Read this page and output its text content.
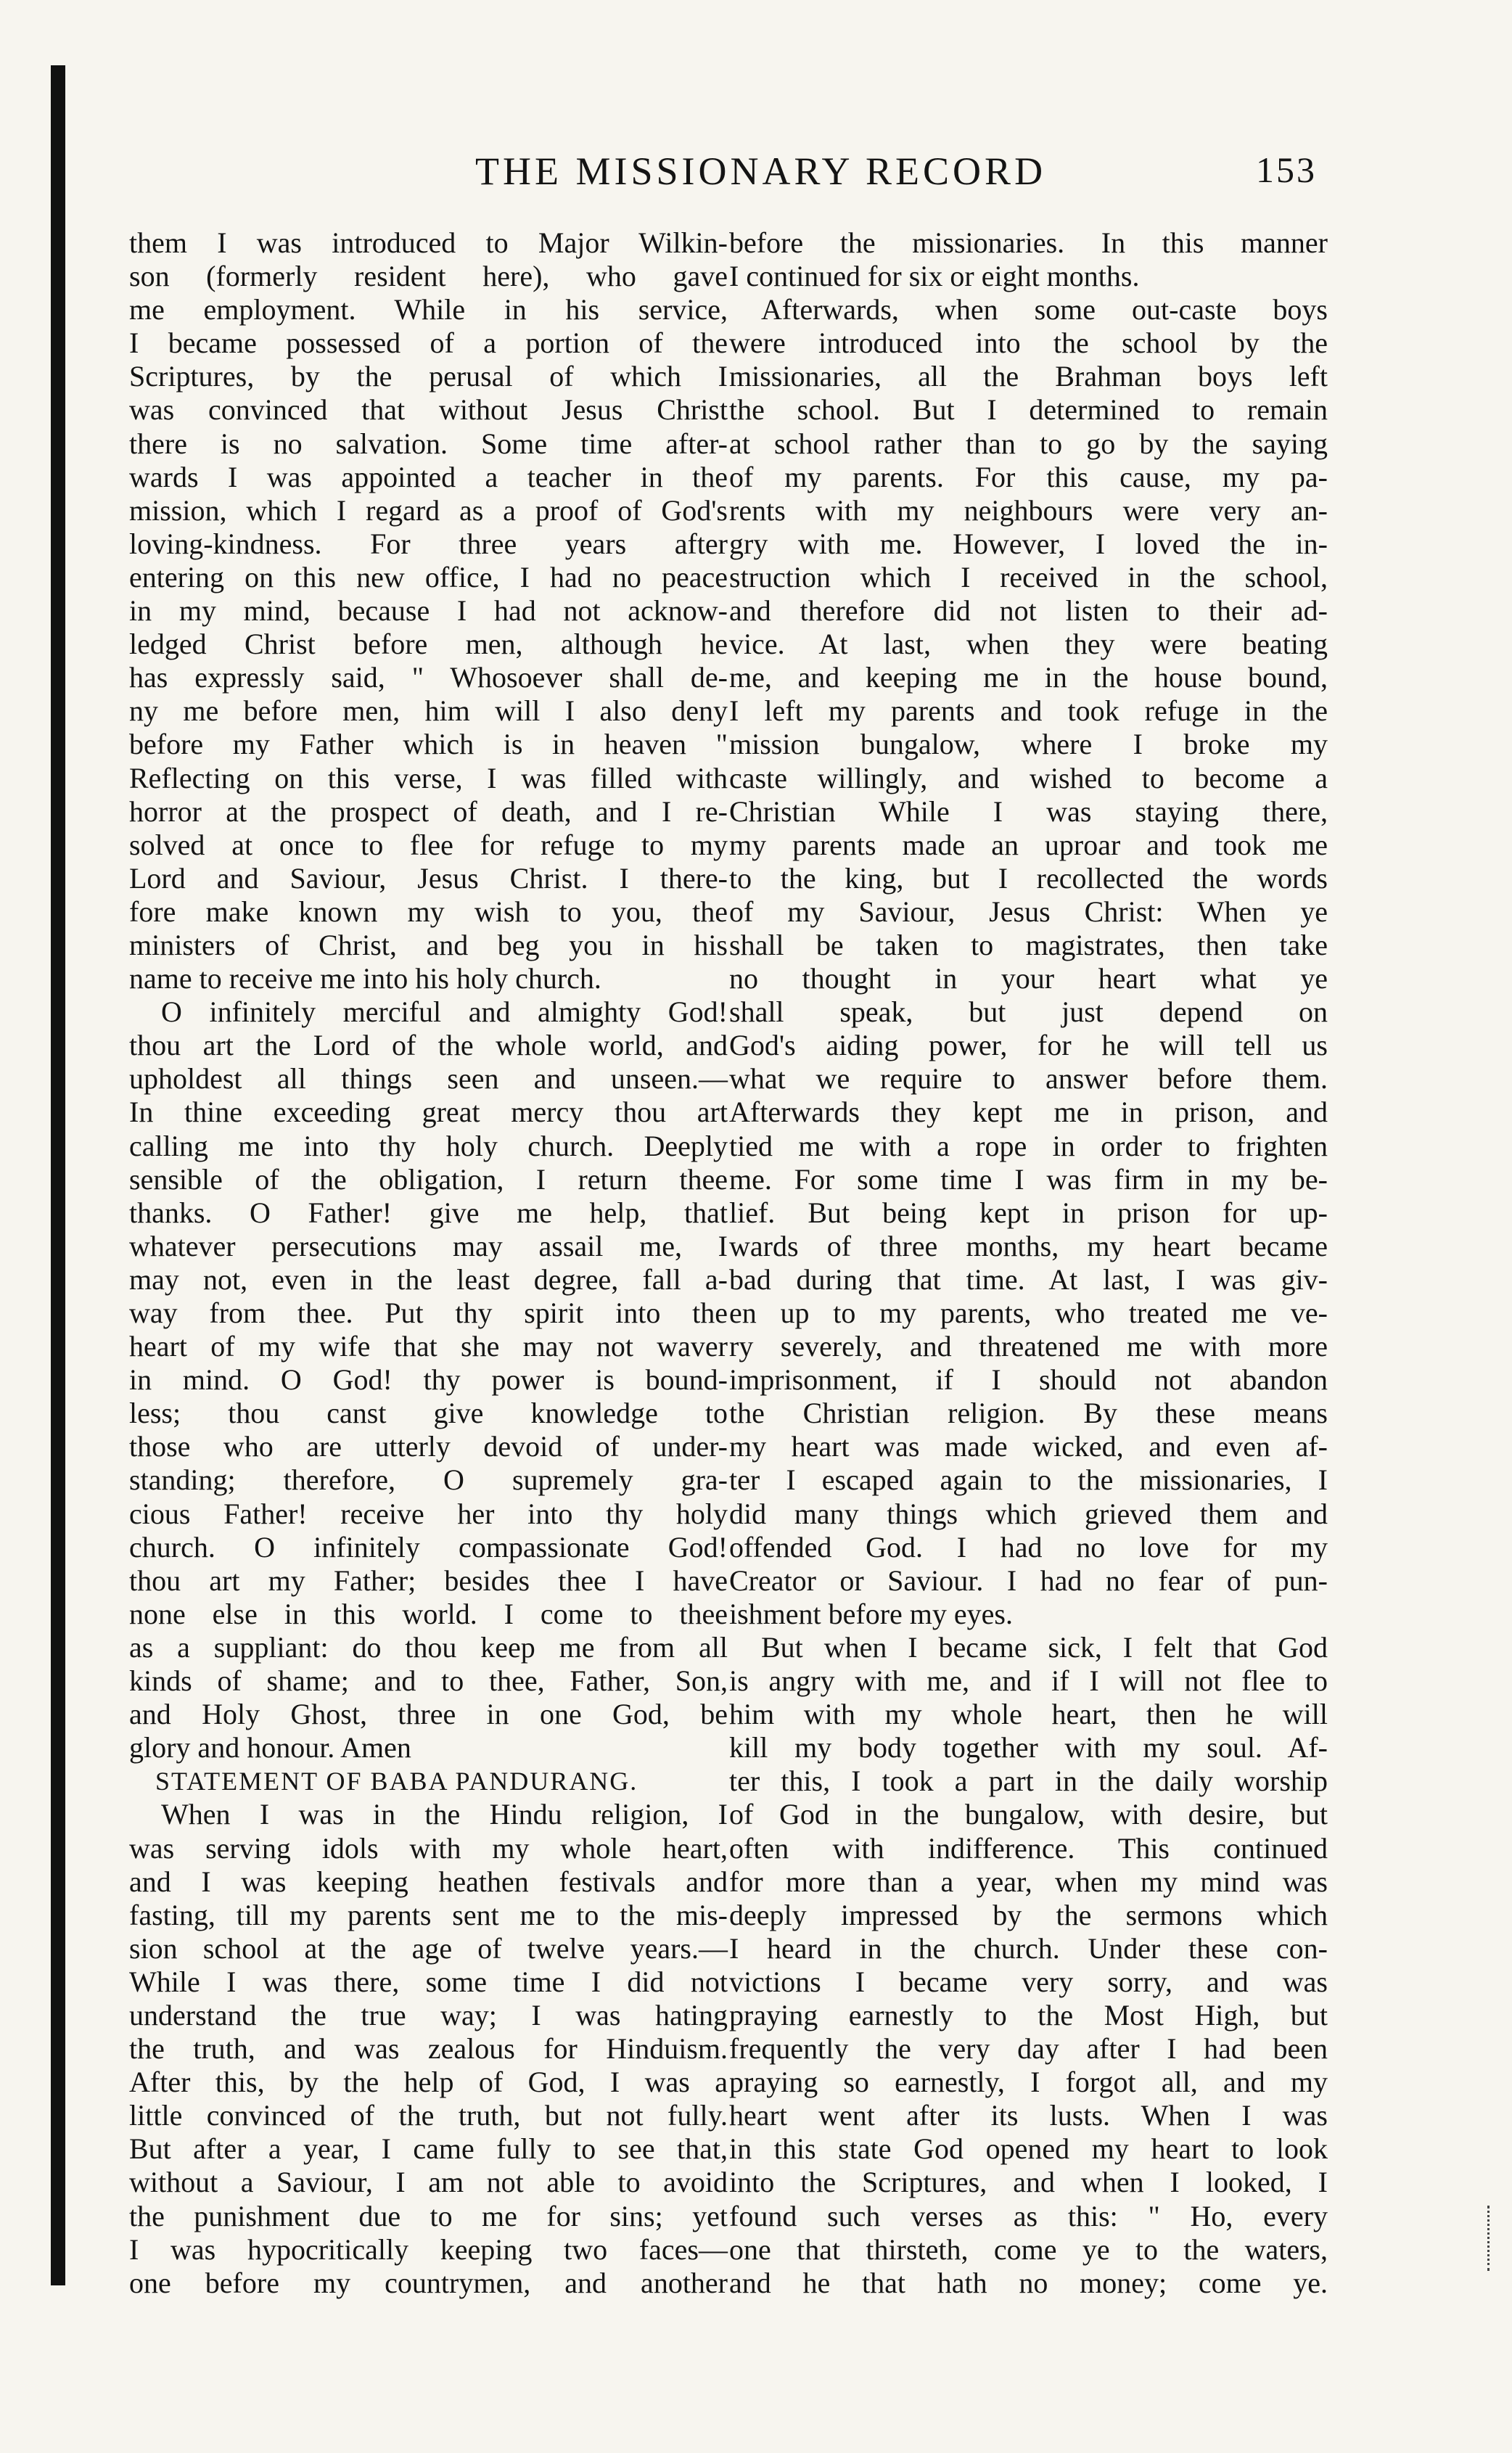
THE MISSIONARY RECORD	153
them I was introduced to Major Wilkin-
son (formerly resident here), who gave
me employment. While in his service,
I became possessed of a portion of the
Scriptures, by the perusal of which I
was convinced that without Jesus Christ
there is no salvation. Some time after-
wards I was appointed a teacher in the
mission, which I regard as a proof of God's
loving-kindness. For three years after
entering on this new office, I had no peace
in my mind, because I had not acknow-
ledged Christ before men, although he
has expressly said, " Whosoever shall de-
ny me before men, him will I also deny
before my Father which is in heaven "
Reflecting on this verse, I was filled with
horror at the prospect of death, and I re-
solved at once to flee for refuge to my
Lord and Saviour, Jesus Christ. I there-
fore make known my wish to you, the
ministers of Christ, and beg you in his
name to receive me into his holy church.
O infinitely merciful and almighty God!
thou art the Lord of the whole world, and
upholdest all things seen and unseen.—
In thine exceeding great mercy thou art
calling me into thy holy church. Deeply
sensible of the obligation, I return thee
thanks. O Father! give me help, that
whatever persecutions may assail me, I
may not, even in the least degree, fall a-
way from thee. Put thy spirit into the
heart of my wife that she may not waver
in mind. O God! thy power is bound-
less; thou canst give knowledge to
those who are utterly devoid of under-
standing; therefore, O supremely gra-
cious Father! receive her into thy holy
church. O infinitely compassionate God!
thou art my Father; besides thee I have
none else in this world. I come to thee
as a suppliant: do thou keep me from all
kinds of shame; and to thee, Father, Son,
and Holy Ghost, three in one God, be
glory and honour. Amen
STATEMENT OF BABA PANDURANG.
When I was in the Hindu religion, I
was serving idols with my whole heart,
and I was keeping heathen festivals and
fasting, till my parents sent me to the mis-
sion school at the age of twelve years.—
While I was there, some time I did not
understand the true way; I was hating
the truth, and was zealous for Hinduism.
After this, by the help of God, I was a
little convinced of the truth, but not fully.
But after a year, I came fully to see that,
without a Saviour, I am not able to avoid
the punishment due to me for sins; yet
I was hypocritically keeping two faces—
one before my countrymen, and another
before the missionaries. In this manner
I continued for six or eight months.
Afterwards, when some out-caste boys
were introduced into the school by the
missionaries, all the Brahman boys left
the school. But I determined to remain
at school rather than to go by the saying
of my parents. For this cause, my pa-
rents with my neighbours were very an-
gry with me. However, I loved the in-
struction which I received in the school,
and therefore did not listen to their ad-
vice. At last, when they were beating
me, and keeping me in the house bound,
I left my parents and took refuge in the
mission bungalow, where I broke my
caste willingly, and wished to become a
Christian While I was staying there,
my parents made an uproar and took me
to the king, but I recollected the words
of my Saviour, Jesus Christ: When ye
shall be taken to magistrates, then take
no thought in your heart what ye
shall speak, but just depend on
God's aiding power, for he will tell us
what we require to answer before them.
Afterwards they kept me in prison, and
tied me with a rope in order to frighten
me. For some time I was firm in my be-
lief. But being kept in prison for up-
wards of three months, my heart became
bad during that time. At last, I was giv-
en up to my parents, who treated me ve-
ry severely, and threatened me with more
imprisonment, if I should not abandon
the Christian religion. By these means
my heart was made wicked, and even af-
ter I escaped again to the missionaries, I
did many things which grieved them and
offended God. I had no love for my
Creator or Saviour. I had no fear of pun-
ishment before my eyes.
But when I became sick, I felt that God
is angry with me, and if I will not flee to
him with my whole heart, then he will
kill my body together with my soul. Af-
ter this, I took a part in the daily worship
of God in the bungalow, with desire, but
often with indifference. This continued
for more than a year, when my mind was
deeply impressed by the sermons which
I heard in the church. Under these con-
victions I became very sorry, and was
praying earnestly to the Most High, but
frequently the very day after I had been
praying so earnestly, I forgot all, and my
heart went after its lusts. When I was
in this state God opened my heart to look
into the Scriptures, and when I looked, I
found such verses as this: " Ho, every
one that thirsteth, come ye to the waters,
and he that hath no money; come ye.
